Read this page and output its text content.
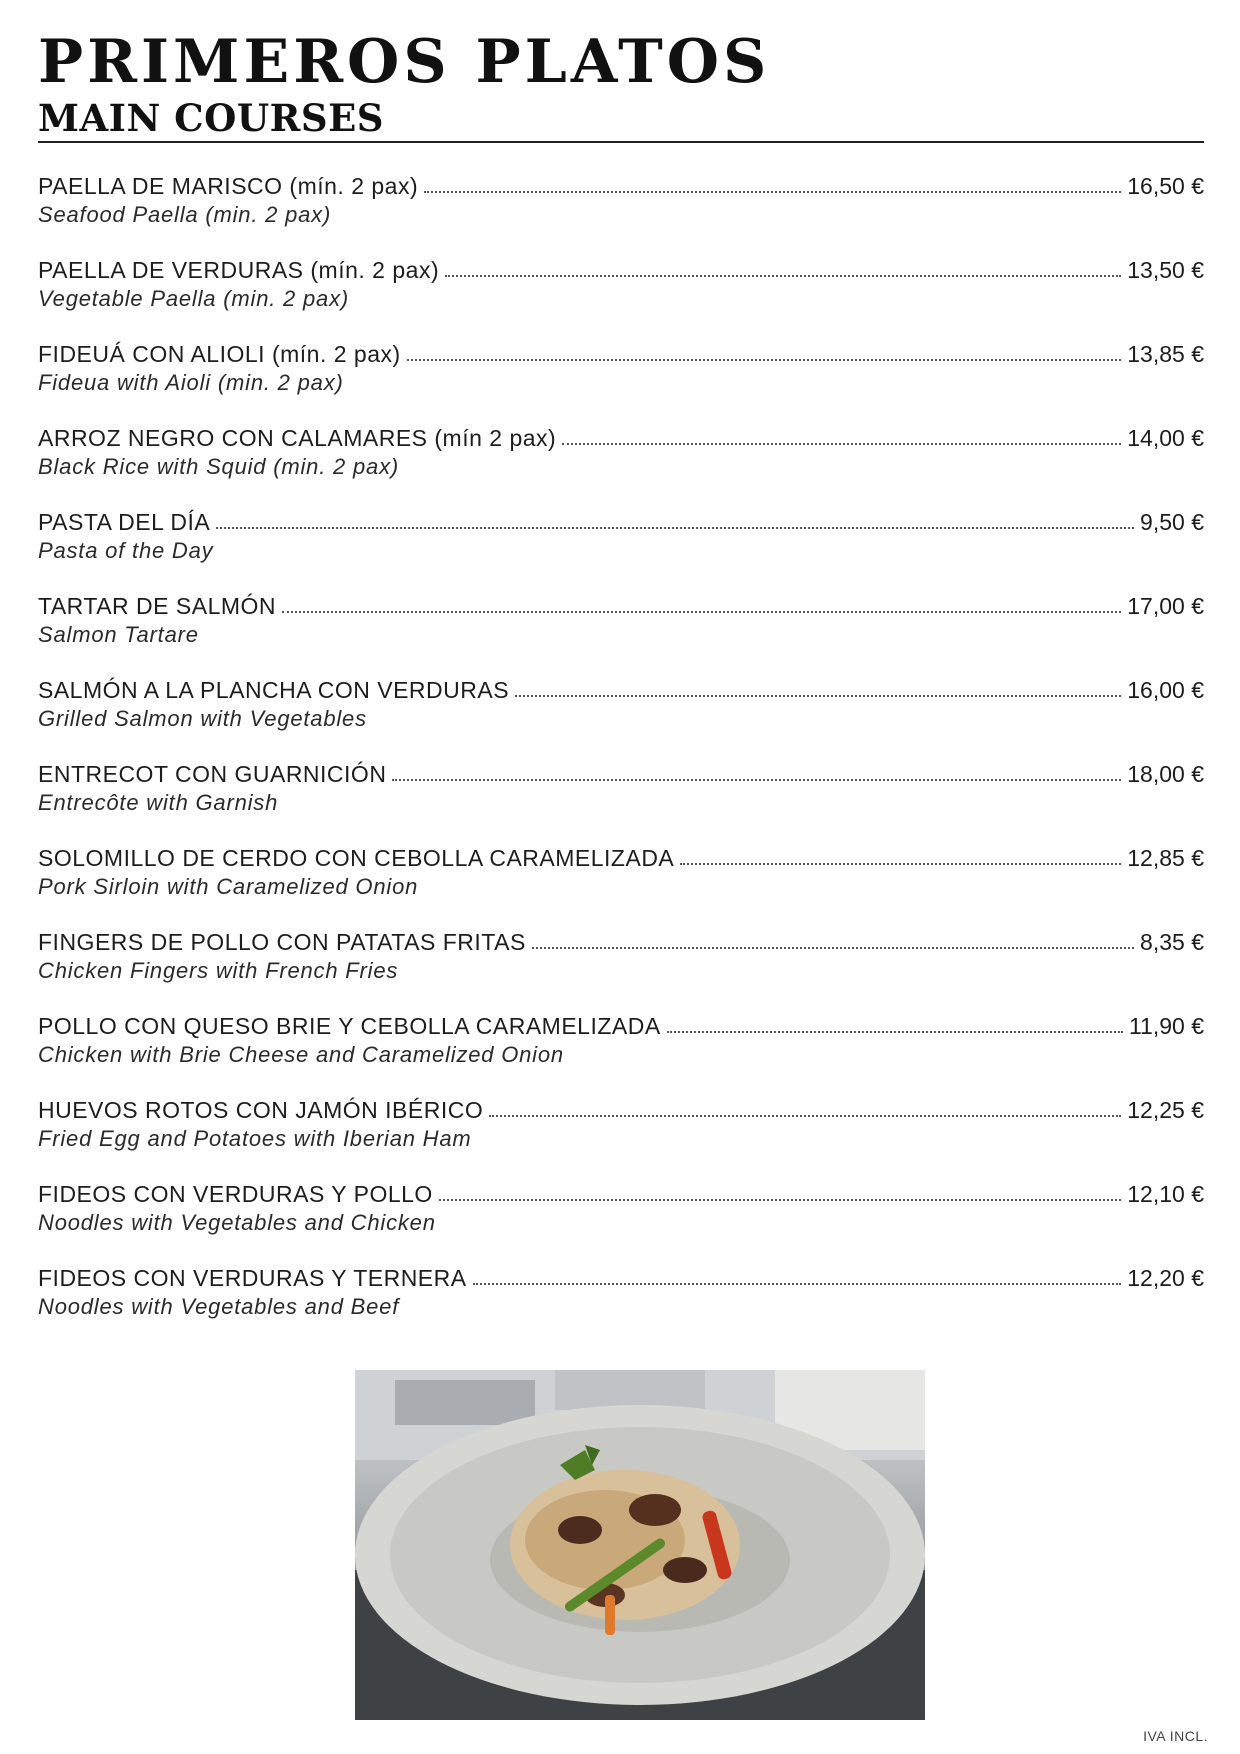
PRIMEROS PLATOS
MAIN COURSES
PAELLA DE MARISCO (mín. 2 pax)	16,50 €
Seafood Paella (min. 2 pax)
PAELLA DE VERDURAS (mín. 2 pax)	13,50 €
Vegetable Paella (min. 2 pax)
FIDEUÁ CON ALIOLI (mín. 2 pax)	13,85 €
Fideua with Aioli (min. 2 pax)
ARROZ NEGRO CON CALAMARES (mín 2 pax)	14,00 €
Black Rice with Squid (min. 2 pax)
PASTA DEL DÍA	9,50 €
Pasta of the Day
TARTAR DE SALMÓN	17,00 €
Salmon Tartare
SALMÓN A LA PLANCHA CON VERDURAS	16,00 €
Grilled Salmon with Vegetables
ENTRECOT CON GUARNICIÓN	18,00 €
Entrecôte with Garnish
SOLOMILLO DE CERDO CON CEBOLLA CARAMELIZADA	12,85 €
Pork Sirloin with Caramelized Onion
FINGERS DE POLLO CON PATATAS FRITAS	8,35 €
Chicken Fingers with French Fries
POLLO CON QUESO BRIE Y CEBOLLA CARAMELIZADA	11,90 €
Chicken with Brie Cheese and Caramelized Onion
HUEVOS ROTOS CON JAMÓN IBÉRICO	12,25 €
Fried Egg and Potatoes with Iberian Ham
FIDEOS CON VERDURAS Y POLLO	12,10 €
Noodles with Vegetables and Chicken
FIDEOS CON VERDURAS Y TERNERA	12,20 €
Noodles with Vegetables and Beef
IVA INCL.
